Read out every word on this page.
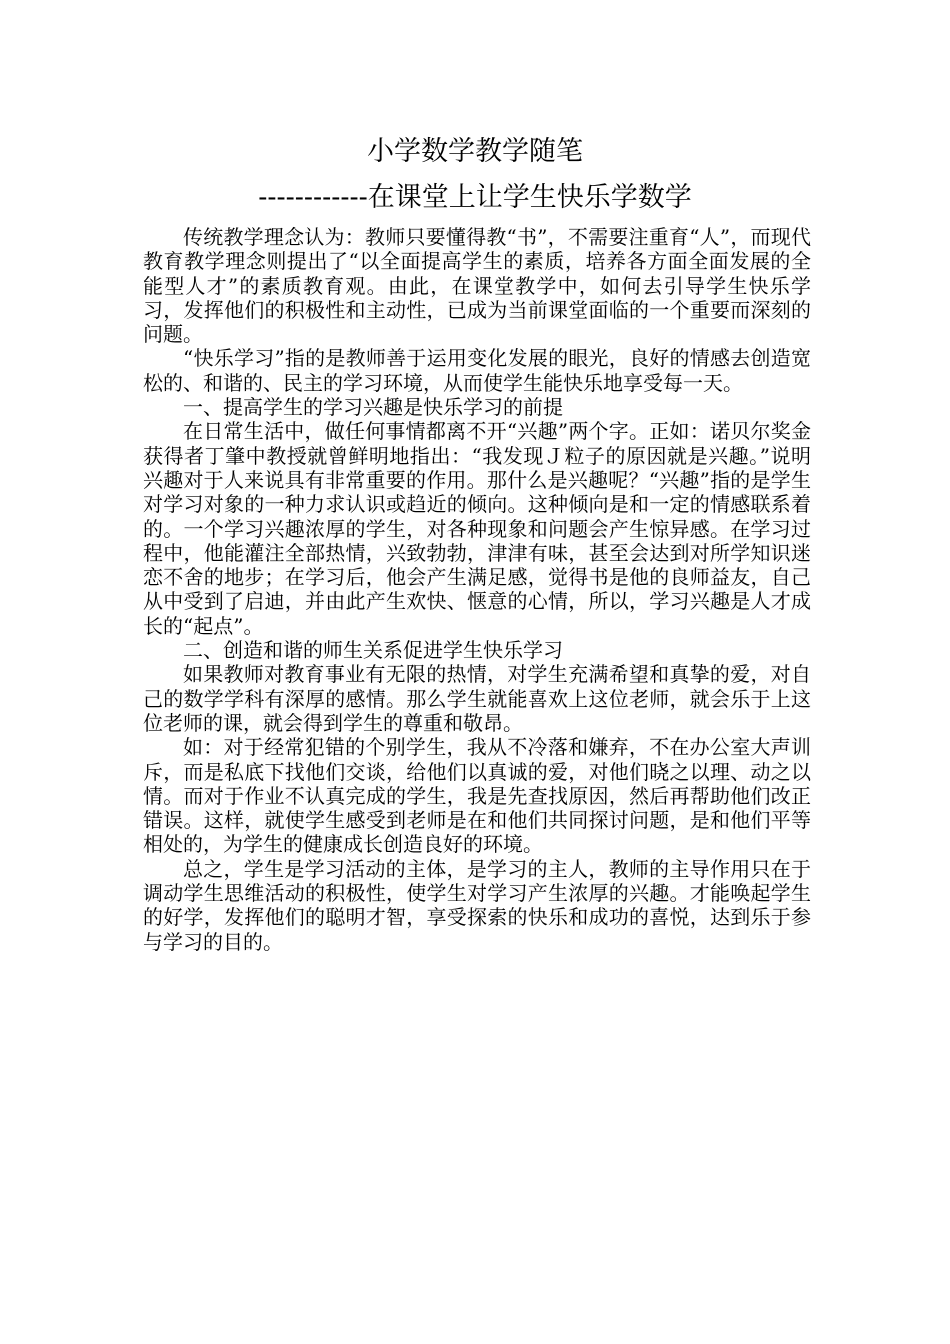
小学数学教学随笔
------------在课堂上让学生快乐学数学

传统教学理念认为：教师只要懂得教“书”，不需要注重育“人”，而现代教育教学理念则提出了“以全面提高学生的素质，培养各方面全面发展的全能型人才”的素质教育观。由此，在课堂教学中，如何去引导学生快乐学习，发挥他们的积极性和主动性，已成为当前课堂面临的一个重要而深刻的问题。

“快乐学习”指的是教师善于运用变化发展的眼光，良好的情感去创造宽松的、和谐的、民主的学习环境，从而使学生能快乐地享受每一天。

一、提高学生的学习兴趣是快乐学习的前提

在日常生活中，做任何事情都离不开“兴趣”两个字。正如：诺贝尔奖金获得者丁肇中教授就曾鲜明地指出：“我发现Ｊ粒子的原因就是兴趣。”说明兴趣对于人来说具有非常重要的作用。那什么是兴趣呢？“兴趣”指的是学生对学习对象的一种力求认识或趋近的倾向。这种倾向是和一定的情感联系着的。一个学习兴趣浓厚的学生，对各种现象和问题会产生惊异感。在学习过程中，他能灌注全部热情，兴致勃勃，津津有味，甚至会达到对所学知识迷恋不舍的地步；在学习后，他会产生满足感，觉得书是他的良师益友，自己从中受到了启迪，并由此产生欢快、惬意的心情，所以，学习兴趣是人才成长的“起点”。

二、创造和谐的师生关系促进学生快乐学习

如果教师对教育事业有无限的热情，对学生充满希望和真挚的爱，对自己的数学学科有深厚的感情。那么学生就能喜欢上这位老师，就会乐于上这位老师的课，就会得到学生的尊重和敬昂。

如：对于经常犯错的个别学生，我从不冷落和嫌弃，不在办公室大声训斥，而是私底下找他们交谈，给他们以真诚的爱，对他们晓之以理、动之以情。而对于作业不认真完成的学生，我是先查找原因，然后再帮助他们改正错误。这样，就使学生感受到老师是在和他们共同探讨问题，是和他们平等相处的，为学生的健康成长创造良好的环境。

总之，学生是学习活动的主体，是学习的主人，教师的主导作用只在于调动学生思维活动的积极性，使学生对学习产生浓厚的兴趣。才能唤起学生的好学，发挥他们的聪明才智，享受探索的快乐和成功的喜悦，达到乐于参与学习的目的。
